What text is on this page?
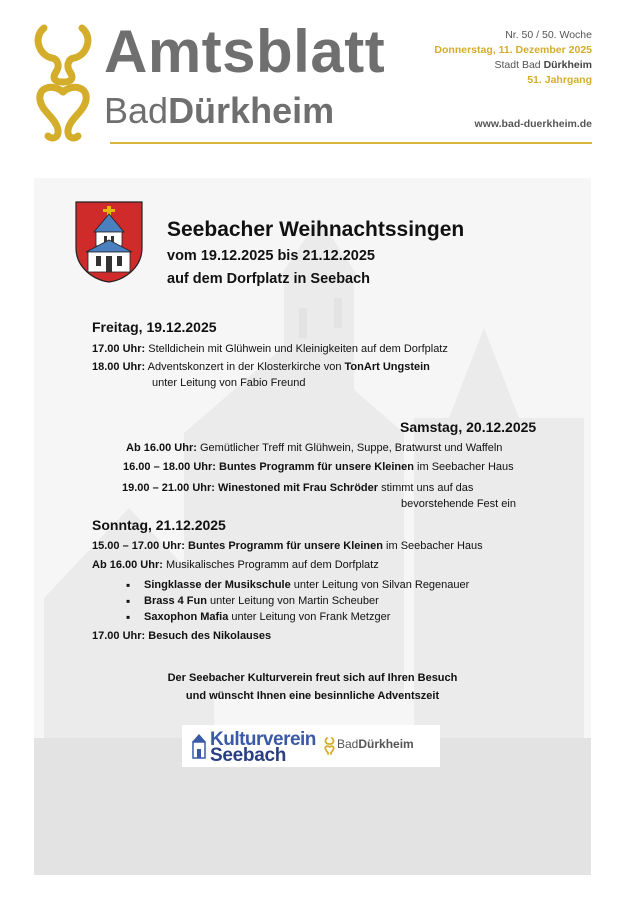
Amtsblatt
BadDürkheim
Nr. 50 / 50. Woche
Donnerstag, 11. Dezember 2025
Stadt Bad Dürkheim
51. Jahrgang
www.bad-duerkheim.de
Seebacher Weihnachtssingen
vom 19.12.2025 bis 21.12.2025
auf dem Dorfplatz in Seebach
Freitag, 19.12.2025
17.00 Uhr: Stelldichein mit Glühwein und Kleinigkeiten auf dem Dorfplatz
18.00 Uhr: Adventskonzert in der Klosterkirche von TonArt Ungstein
unter Leitung von Fabio Freund
Samstag, 20.12.2025
Ab 16.00 Uhr: Gemütlicher Treff mit Glühwein, Suppe, Bratwurst und Waffeln
16.00 – 18.00 Uhr: Buntes Programm für unsere Kleinen im Seebacher Haus
19.00 – 21.00 Uhr: Winestoned mit Frau Schröder stimmt uns auf das
bevorstehende Fest ein
Sonntag, 21.12.2025
15.00 – 17.00 Uhr: Buntes Programm für unsere Kleinen im Seebacher Haus
Ab 16.00 Uhr: Musikalisches Programm auf dem Dorfplatz
▪ Singklasse der Musikschule unter Leitung von Silvan Regenauer
▪ Brass 4 Fun unter Leitung von Martin Scheuber
▪ Saxophon Mafia unter Leitung von Frank Metzger
17.00 Uhr: Besuch des Nikolauses
Der Seebacher Kulturverein freut sich auf Ihren Besuch
und wünscht Ihnen eine besinnliche Adventszeit
Kulturverein
Seebach
BadDürkheim
